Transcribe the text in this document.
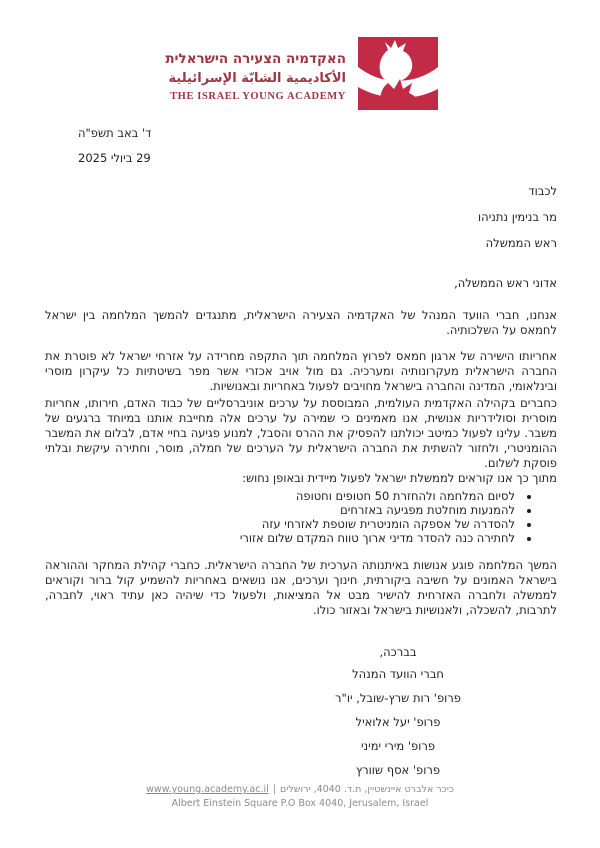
האקדמיה הצעירה הישראלית
الأكاديمية الشابّة الإسرائيلية
THE ISRAEL YOUNG ACADEMY
ד' באב תשפ"ה
29 ביולי 2025
לכבוד
מר בנימין נתניהו
ראש הממשלה
אדוני ראש הממשלה,
אנחנו, חברי הוועד המנהל של האקדמיה הצעירה הישראלית, מתנגדים להמשך המלחמה בין ישראל לחמאס על השלכותיה.
אחריותו הישירה של ארגון חמאס לפרוץ המלחמה תוך התקפה מחרידה על אזרחי ישראל לא פוטרת את החברה הישראלית מעקרונותיה ומערכיה. גם מול אויב אכזרי אשר מפר בשיטתיות כל עיקרון מוסרי ובינלאומי, המדינה והחברה בישראל מחויבים לפעול באחריות ובאנושיות.
כחברים בקהילה האקדמית העולמית, המבוססת על ערכים אוניברסליים של כבוד האדם, חירותו, אחריות מוסרית וסולידריות אנושית, אנו מאמינים כי שמירה על ערכים אלה מחייבת אותנו במיוחד ברגעים של משבר. עלינו לפעול כמיטב יכולתנו להפסיק את ההרס והסבל, למנוע פגיעה בחיי אדם, לבלום את המשבר ההומניטרי, ולחזור להשתית את החברה הישראלית על הערכים של חמלה, מוסר, וחתירה עיקשת ובלתי פוסקת לשלום.
מתוך כך אנו קוראים לממשלת ישראל לפעול מיידית ובאופן נחוש:
• לסיום המלחמה ולהחזרת 50 חטופים וחטופה
• להמנעות מוחלטת מפגיעה באזרחים
• להסדרה של אספקה הומניטרית שוטפת לאזרחי עזה
• לחתירה כנה להסדר מדיני ארוך טווח המקדם שלום אזורי
המשך המלחמה פוגע אנושות באיתנותה הערכית של החברה הישראלית. כחברי קהילת המחקר וההוראה בישראל האמונים על חשיבה ביקורתית, חינוך וערכים, אנו נושאים באחריות להשמיע קול ברור וקוראים לממשלה ולחברה האזרחית להישיר מבט אל המציאות, ולפעול כדי שיהיה כאן עתיד ראוי, לחברה, לתרבות, להשכלה, ולאנושיות בישראל ובאזור כולו.
בברכה,
חברי הוועד המנהל
פרופ' רות שרץ-שובל, יו"ר
פרופ' יעל אלואיל
פרופ' מירי ימיני
פרופ' אסף שוורץ
כיכר אלברט איינשטיין, ת.ד. 4040, ירושלים|www.young.academy.ac.il
Albert Einstein Square P.O Box 4040, Jerusalem, Israel
